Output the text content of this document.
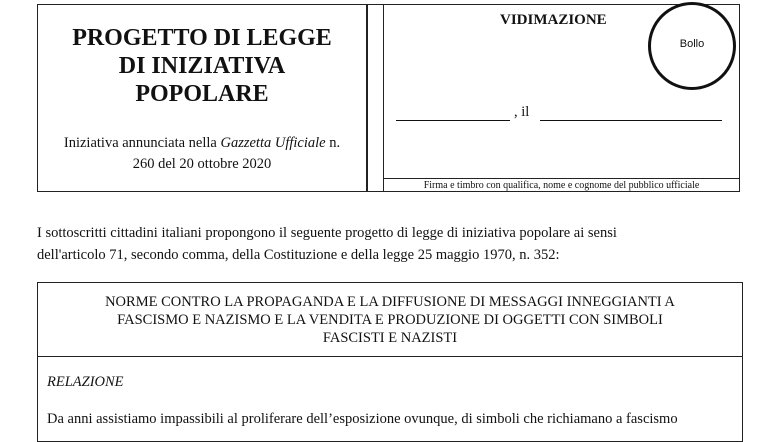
PROGETTO DI LEGGE
DI INIZIATIVA
POPOLARE
Iniziativa annunciata nella Gazzetta Ufficiale n.
260 del 20 ottobre 2020
VIDIMAZIONE
Bollo
, il
Firma e timbro con qualifica, nome e cognome del pubblico ufficiale
I sottoscritti cittadini italiani propongono il seguente progetto di legge di iniziativa popolare ai sensi
dell'articolo 71, secondo comma, della Costituzione e della legge 25 maggio 1970, n. 352:
NORME CONTRO LA PROPAGANDA E LA DIFFUSIONE DI MESSAGGI INNEGGIANTI A
FASCISMO E NAZISMO E LA VENDITA E PRODUZIONE DI OGGETTI CON SIMBOLI
FASCISTI E NAZISTI
RELAZIONE
Da anni assistiamo impassibili al proliferare dell’esposizione ovunque, di simboli che richiamano a fascismo
